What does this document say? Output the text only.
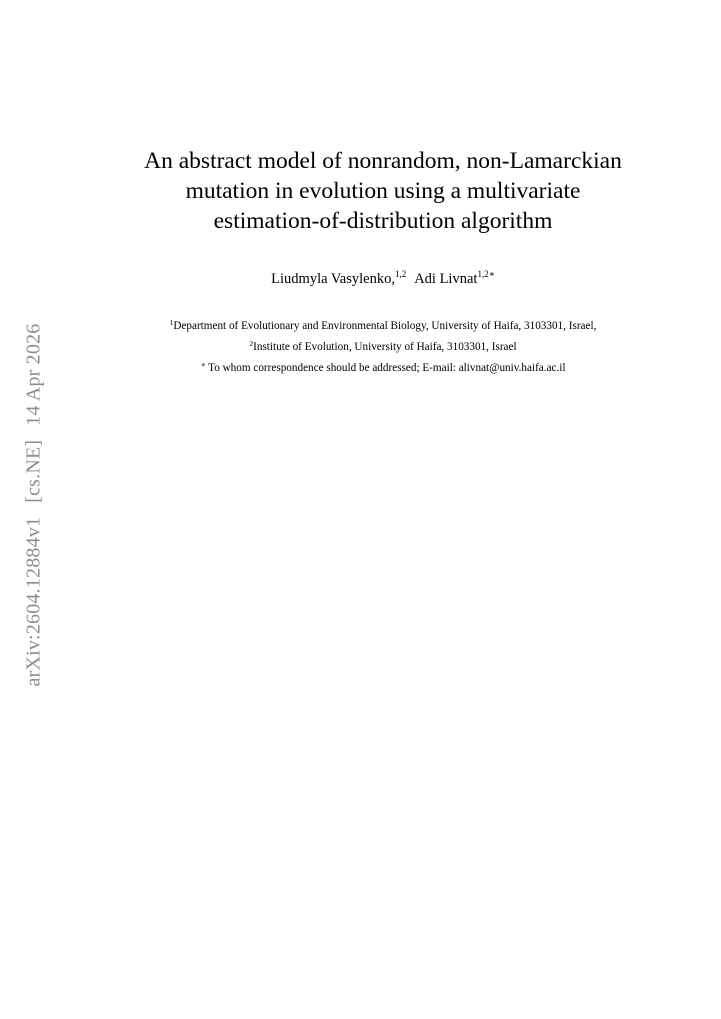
arXiv:2604.12884v1[cs.NE]14 Apr 2026
An abstract model of nonrandom, non-Lamarckian
mutation in evolution using a multivariate
estimation-of-distribution algorithm
Liudmyla Vasylenko,$^{1,2}$ Adi Livnat$^{1,2∗}$
$^1$Department of Evolutionary and Environmental Biology, University of Haifa, 3103301, Israel,
$^2$Institute of Evolution, University of Haifa, 3103301, Israel
∗ To whom correspondence should be addressed; E-mail: alivnat@univ.haifa.ac.il
